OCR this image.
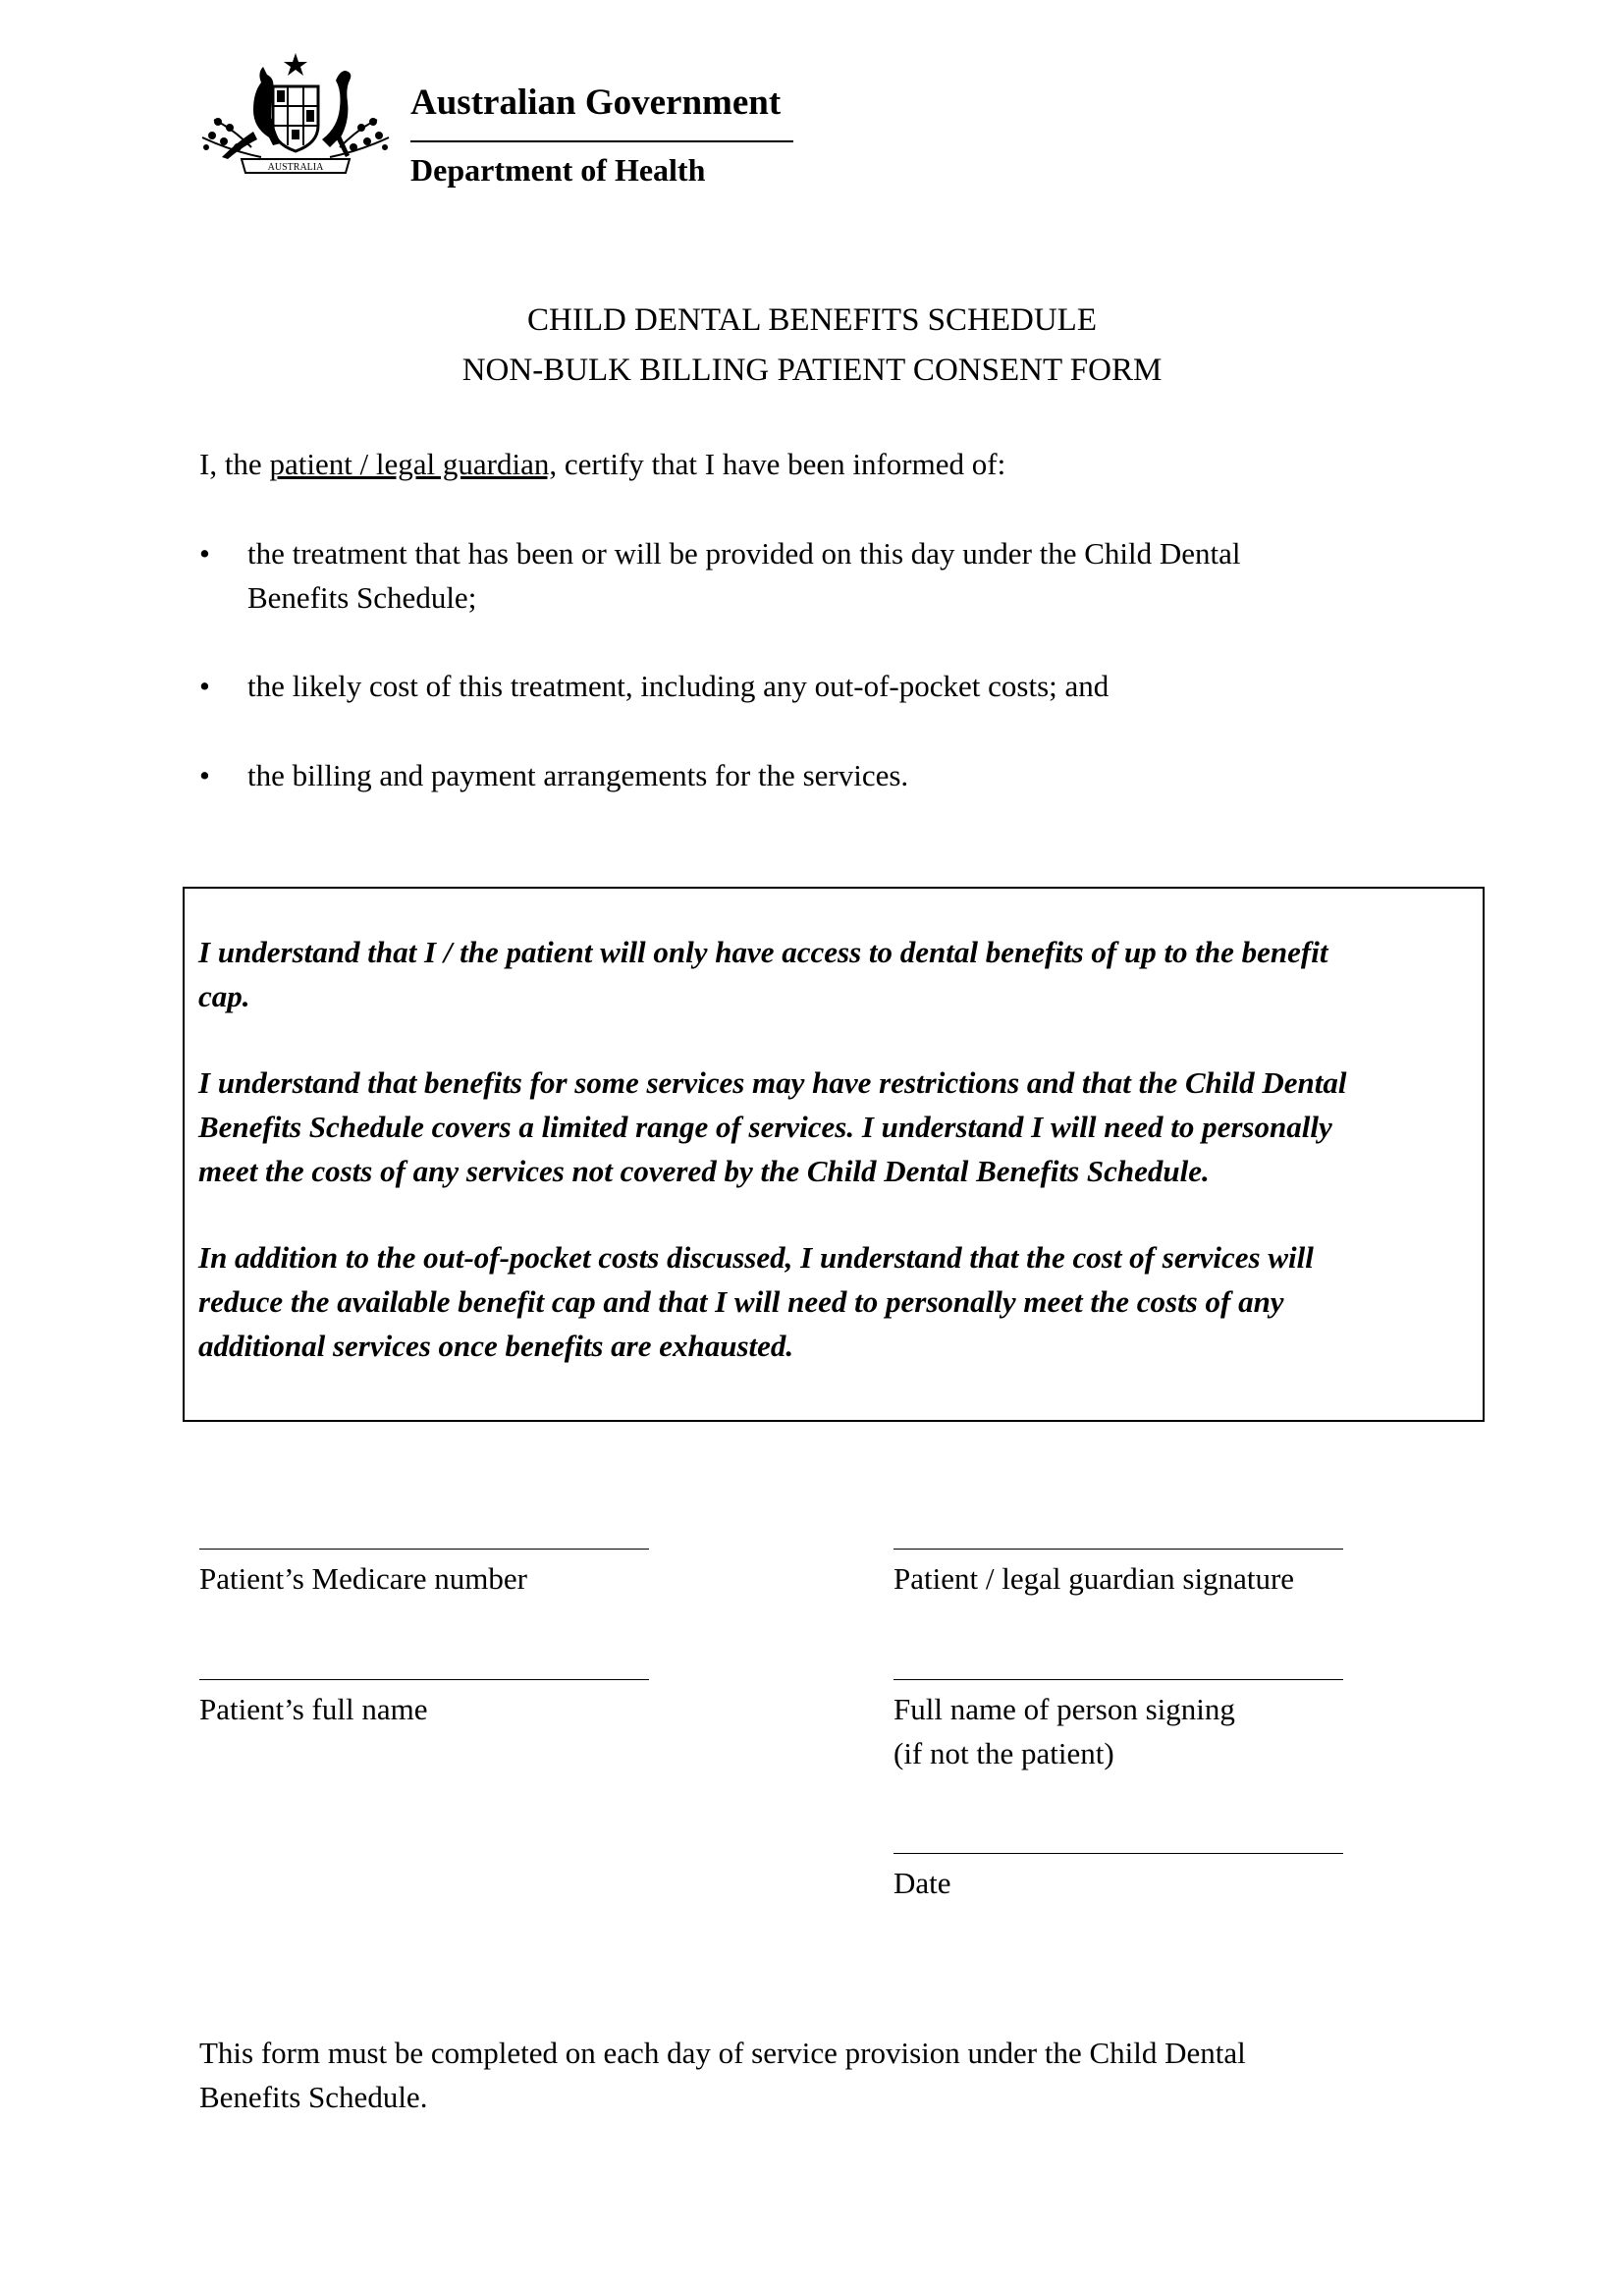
AUSTRALIA
Australian Government
Department of Health
CHILD DENTAL BENEFITS SCHEDULE
NON-BULK BILLING PATIENT CONSENT FORM
I, the patient / legal guardian, certify that I have been informed of:
• the treatment that has been or will be provided on this day under the Child Dental
Benefits Schedule;
• the likely cost of this treatment, including any out-of-pocket costs; and
• the billing and payment arrangements for the services.
I understand that I / the patient will only have access to dental benefits of up to the benefit
cap.
I understand that benefits for some services may have restrictions and that the Child Dental
Benefits Schedule covers a limited range of services. I understand I will need to personally
meet the costs of any services not covered by the Child Dental Benefits Schedule.
In addition to the out-of-pocket costs discussed, I understand that the cost of services will
reduce the available benefit cap and that I will need to personally meet the costs of any
additional services once benefits are exhausted.
Patient’s Medicare number	Patient / legal guardian signature
Patient’s full name	Full name of person signing
(if not the patient)
Date
This form must be completed on each day of service provision under the Child Dental
Benefits Schedule.
